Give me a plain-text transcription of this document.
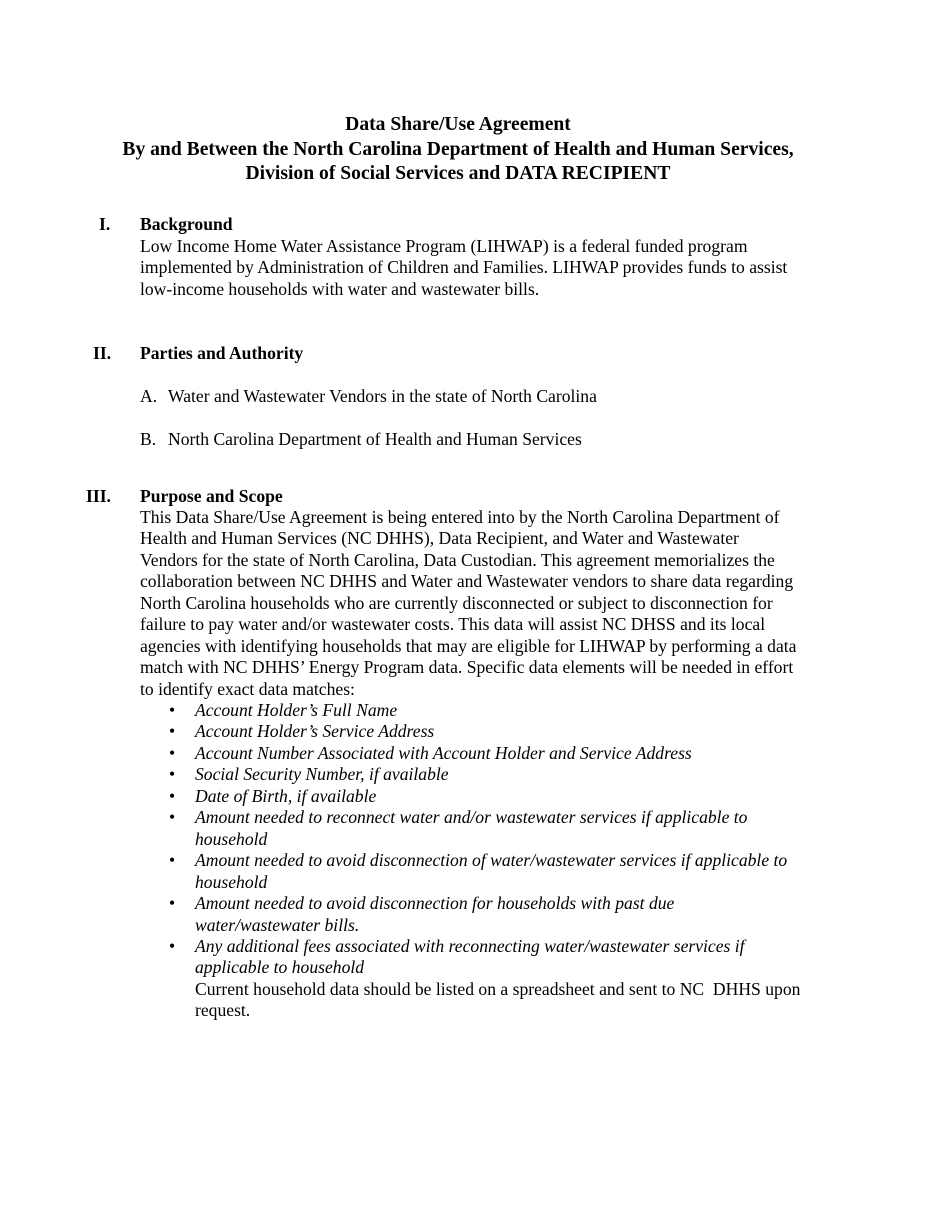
Data Share/Use Agreement
By and Between the North Carolina Department of Health and Human Services,
Division of Social Services and DATA RECIPIENT
I. Background
Low Income Home Water Assistance Program (LIHWAP) is a federal funded program
implemented by Administration of Children and Families. LIHWAP provides funds to assist
low-income households with water and wastewater bills.
II. Parties and Authority
A. Water and Wastewater Vendors in the state of North Carolina
B. North Carolina Department of Health and Human Services
III. Purpose and Scope
This Data Share/Use Agreement is being entered into by the North Carolina Department of
Health and Human Services (NC DHHS), Data Recipient, and Water and Wastewater
Vendors for the state of North Carolina, Data Custodian. This agreement memorializes the
collaboration between NC DHHS and Water and Wastewater vendors to share data regarding
North Carolina households who are currently disconnected or subject to disconnection for
failure to pay water and/or wastewater costs. This data will assist NC DHSS and its local
agencies with identifying households that may are eligible for LIHWAP by performing a data
match with NC DHHS’ Energy Program data. Specific data elements will be needed in effort
to identify exact data matches:
• Account Holder’s Full Name
• Account Holder’s Service Address
• Account Number Associated with Account Holder and Service Address
• Social Security Number, if available
• Date of Birth, if available
• Amount needed to reconnect water and/or wastewater services if applicable to
household
• Amount needed to avoid disconnection of water/wastewater services if applicable to
household
• Amount needed to avoid disconnection for households with past due
water/wastewater bills.
• Any additional fees associated with reconnecting water/wastewater services if
applicable to household
Current household data should be listed on a spreadsheet and sent to NC  DHHS upon
request.
